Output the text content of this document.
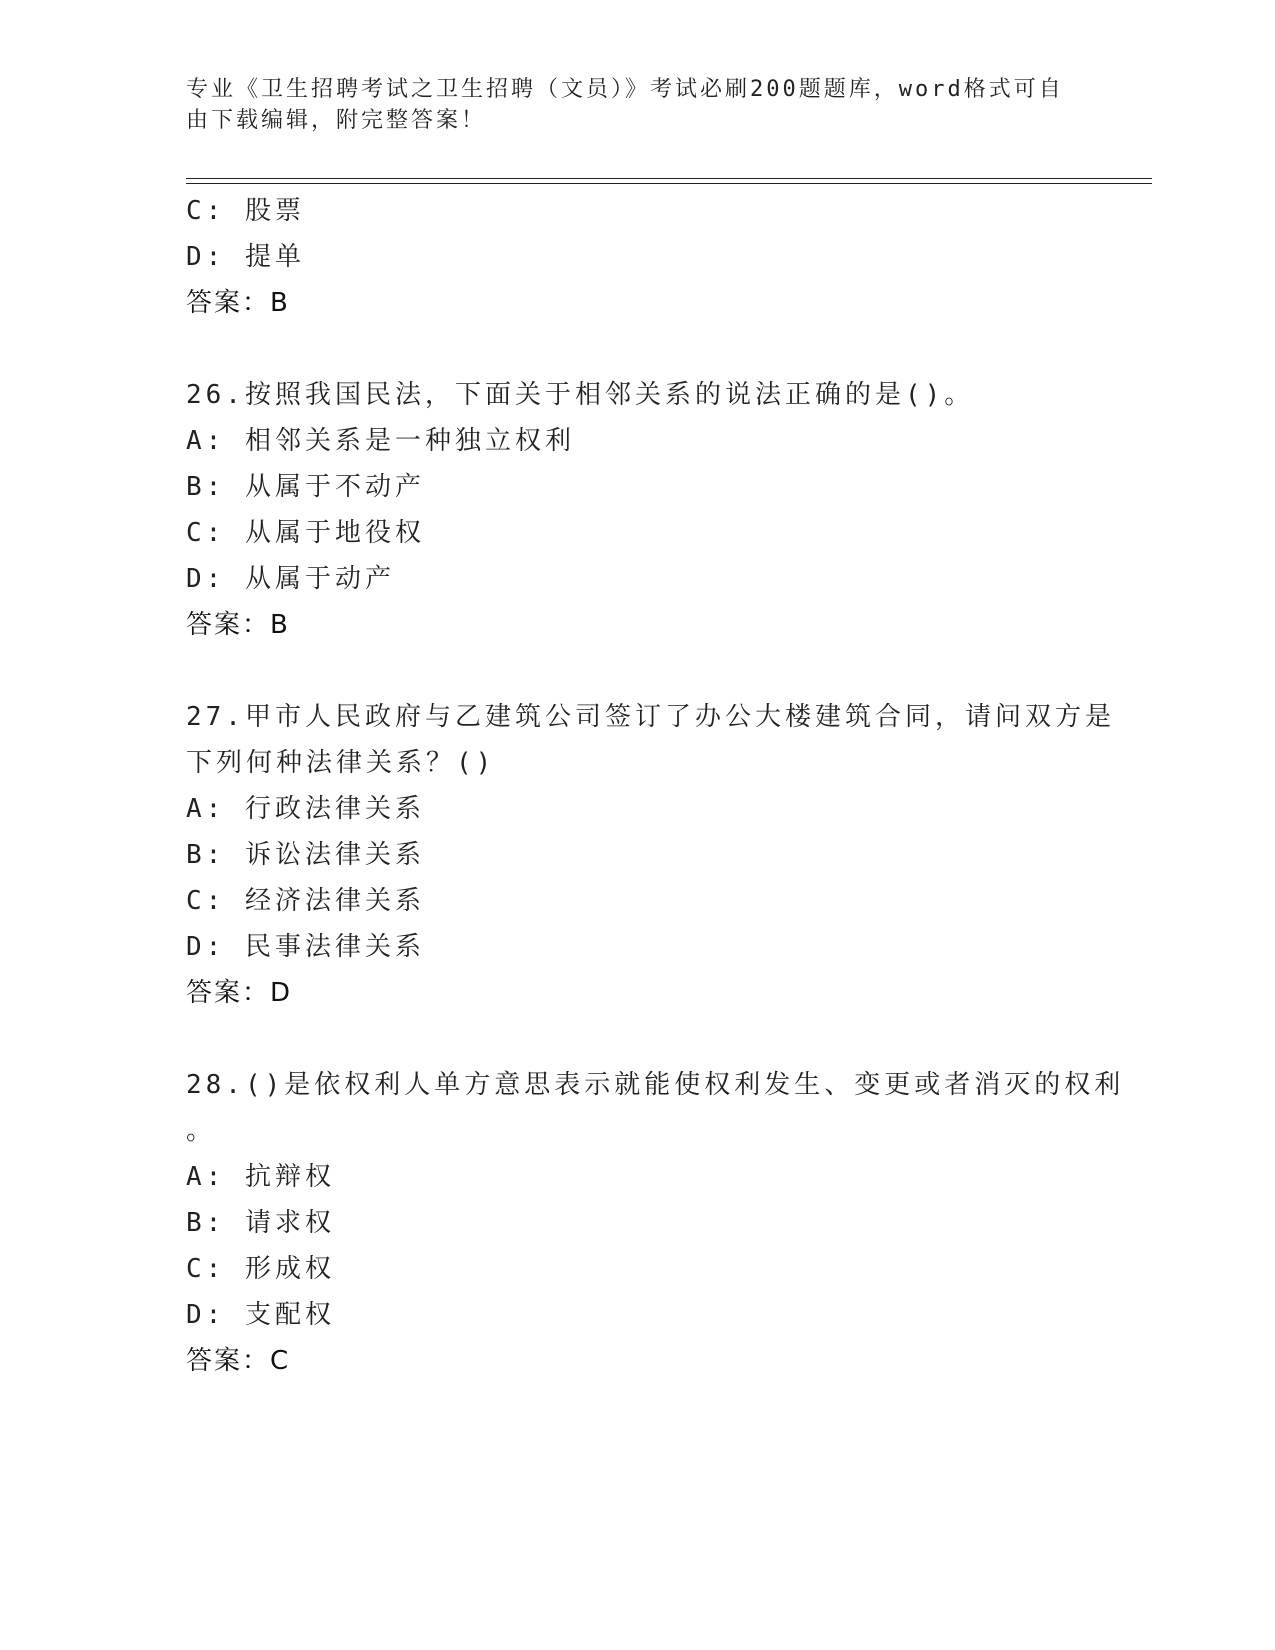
专业《卫生招聘考试之卫生招聘（文员）》考试必刷200题题库，word格式可自由下载编辑，附完整答案！
C: 股票
D: 提单
答案：B
26.按照我国民法，下面关于相邻关系的说法正确的是()。
A: 相邻关系是一种独立权利
B: 从属于不动产
C: 从属于地役权
D: 从属于动产
答案：B
27.甲市人民政府与乙建筑公司签订了办公大楼建筑合同，请问双方是
下列何种法律关系？()
A: 行政法律关系
B: 诉讼法律关系
C: 经济法律关系
D: 民事法律关系
答案：D
28.()是依权利人单方意思表示就能使权利发生、变更或者消灭的权利
。
A: 抗辩权
B: 请求权
C: 形成权
D: 支配权
答案：C
